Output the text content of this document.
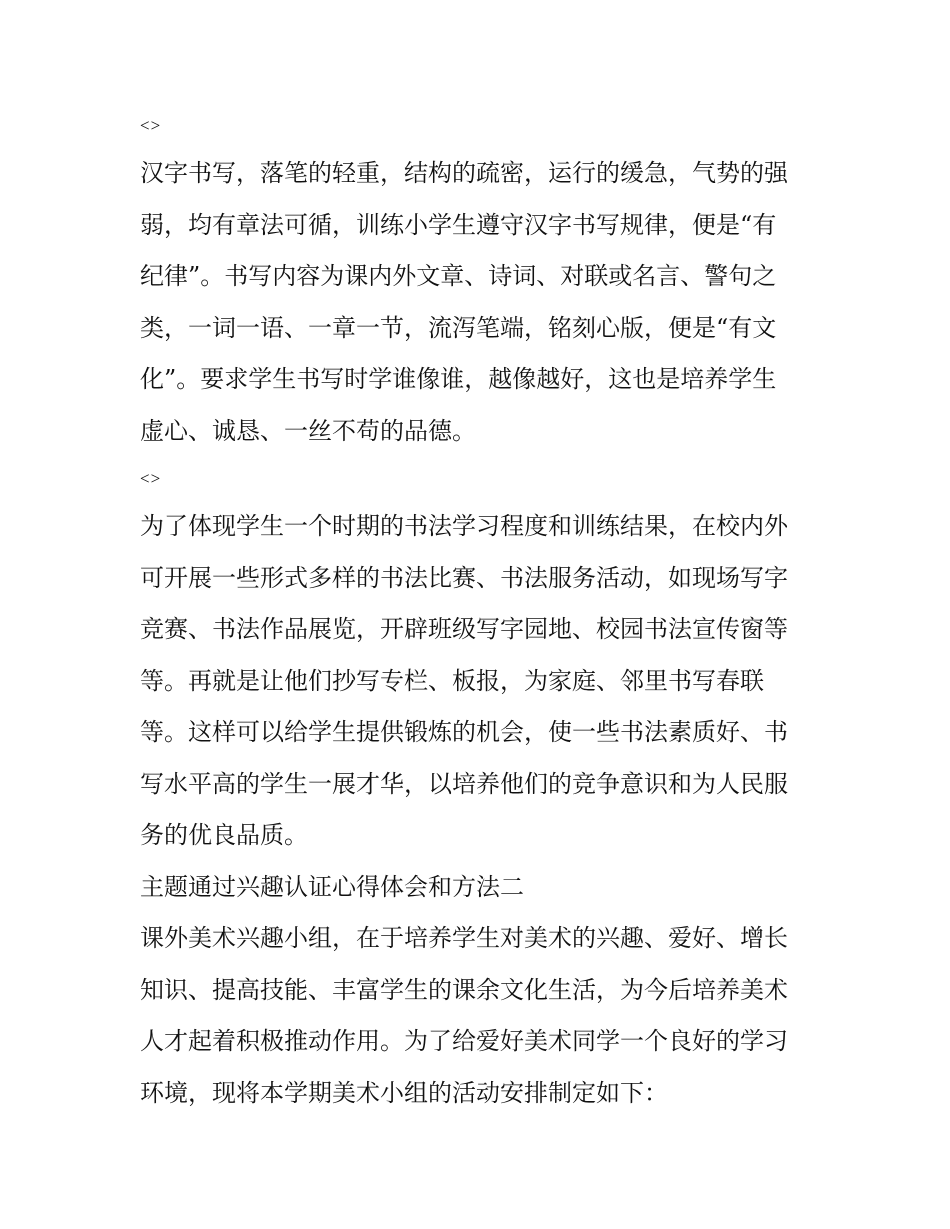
<>

汉字书写，落笔的轻重，结构的疏密，运行的缓急，气势的强
弱，均有章法可循，训练小学生遵守汉字书写规律，便是“有
纪律”。书写内容为课内外文章、诗词、对联或名言、警句之
类，一词一语、一章一节，流泻笔端，铭刻心版，便是“有文
化”。要求学生书写时学谁像谁，越像越好，这也是培养学生
虚心、诚恳、一丝不苟的品德。

<>

为了体现学生一个时期的书法学习程度和训练结果，在校内外
可开展一些形式多样的书法比赛、书法服务活动，如现场写字
竞赛、书法作品展览，开辟班级写字园地、校园书法宣传窗等
等。再就是让他们抄写专栏、板报，为家庭、邻里书写春联
等。这样可以给学生提供锻炼的机会，使一些书法素质好、书
写水平高的学生一展才华，以培养他们的竞争意识和为人民服
务的优良品质。

主题通过兴趣认证心得体会和方法二

课外美术兴趣小组，在于培养学生对美术的兴趣、爱好、增长
知识、提高技能、丰富学生的课余文化生活，为今后培养美术
人才起着积极推动作用。为了给爱好美术同学一个良好的学习
环境，现将本学期美术小组的活动安排制定如下：
